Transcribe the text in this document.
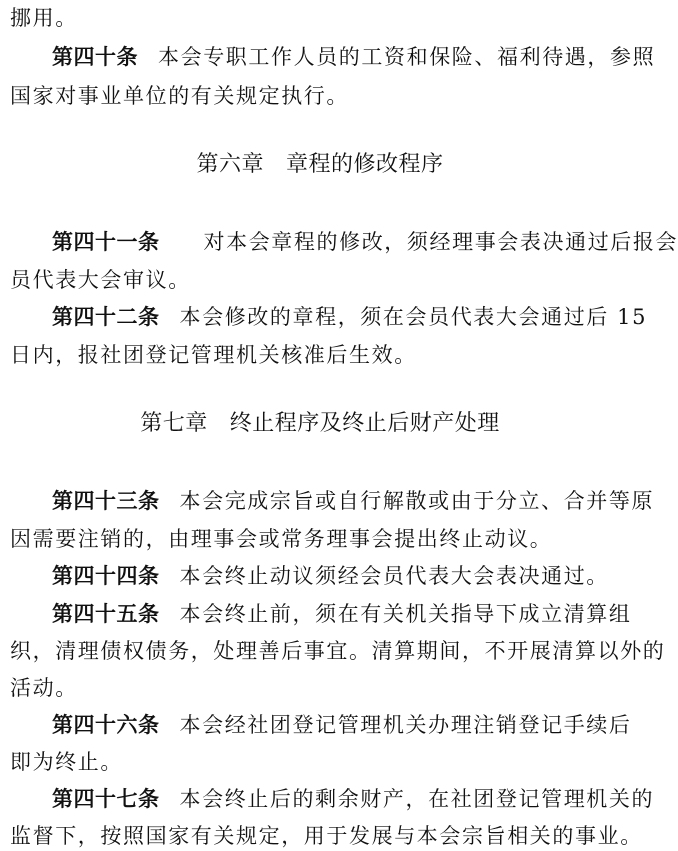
挪用。
第四十条 本会专职工作人员的工资和保险、福利待遇，参照
国家对事业单位的有关规定执行。
第六章 章程的修改程序
第四十一条 对本会章程的修改，须经理事会表决通过后报会
员代表大会审议。
第四十二条 本会修改的章程，须在会员代表大会通过后 15
日内，报社团登记管理机关核准后生效。
第七章 终止程序及终止后财产处理
第四十三条 本会完成宗旨或自行解散或由于分立、合并等原
因需要注销的，由理事会或常务理事会提出终止动议。
第四十四条 本会终止动议须经会员代表大会表决通过。
第四十五条 本会终止前，须在有关机关指导下成立清算组
织，清理债权债务，处理善后事宜。清算期间，不开展清算以外的
活动。
第四十六条 本会经社团登记管理机关办理注销登记手续后
即为终止。
第四十七条 本会终止后的剩余财产，在社团登记管理机关的
监督下，按照国家有关规定，用于发展与本会宗旨相关的事业。
